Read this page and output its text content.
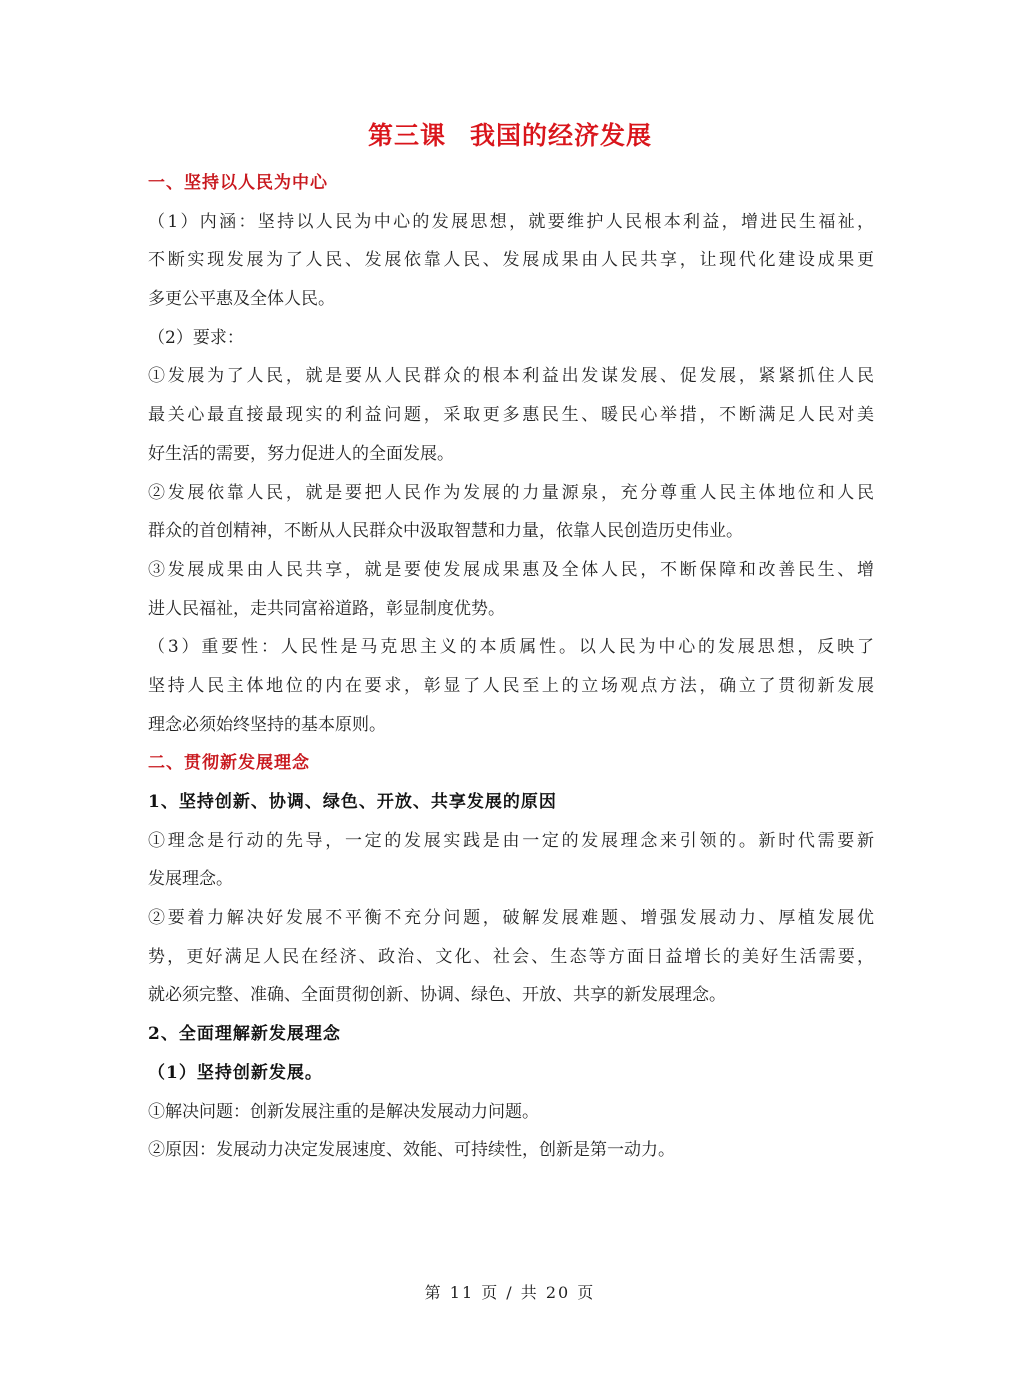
第三课 我国的经济发展
一、坚持以人民为中心
（1）内涵：坚持以人民为中心的发展思想，就要维护人民根本利益，增进民生福祉，
不断实现发展为了人民、发展依靠人民、发展成果由人民共享，让现代化建设成果更
多更公平惠及全体人民。
（2）要求：
①发展为了人民，就是要从人民群众的根本利益出发谋发展、促发展，紧紧抓住人民
最关心最直接最现实的利益问题，采取更多惠民生、暖民心举措，不断满足人民对美
好生活的需要，努力促进人的全面发展。
②发展依靠人民，就是要把人民作为发展的力量源泉，充分尊重人民主体地位和人民
群众的首创精神，不断从人民群众中汲取智慧和力量，依靠人民创造历史伟业。
③发展成果由人民共享，就是要使发展成果惠及全体人民，不断保障和改善民生、增
进人民福祉，走共同富裕道路，彰显制度优势。
（3）重要性：人民性是马克思主义的本质属性。以人民为中心的发展思想，反映了
坚持人民主体地位的内在要求，彰显了人民至上的立场观点方法，确立了贯彻新发展
理念必须始终坚持的基本原则。
二、贯彻新发展理念
1、坚持创新、协调、绿色、开放、共享发展的原因
①理念是行动的先导，一定的发展实践是由一定的发展理念来引领的。新时代需要新
发展理念。
②要着力解决好发展不平衡不充分问题，破解发展难题、增强发展动力、厚植发展优
势，更好满足人民在经济、政治、文化、社会、生态等方面日益增长的美好生活需要，
就必须完整、准确、全面贯彻创新、协调、绿色、开放、共享的新发展理念。
2、全面理解新发展理念
（1）坚持创新发展。
①解决问题：创新发展注重的是解决发展动力问题。
②原因：发展动力决定发展速度、效能、可持续性，创新是第一动力。
第 11 页 / 共 20 页
